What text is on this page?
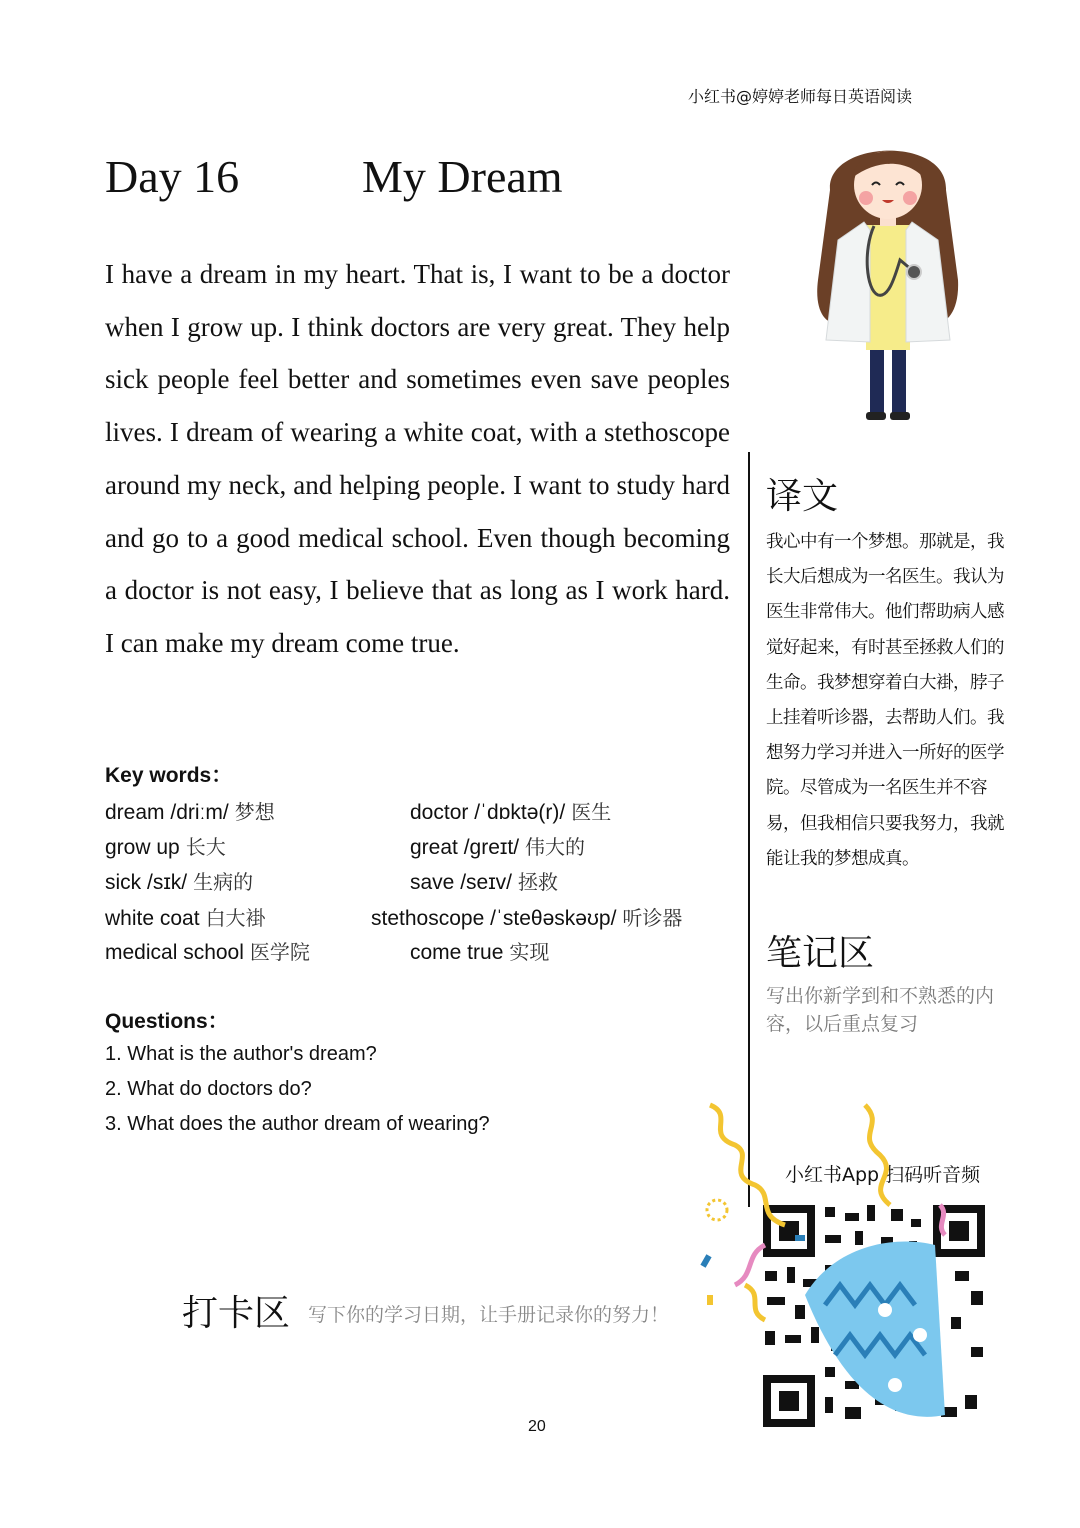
小红书@婷婷老师每日英语阅读
Day 16	My Dream

I have a dream in my heart. That is, I want to be a doctor when I grow up. I think doctors are very great. They help sick people feel better and sometimes even save peoples lives. I dream of wearing a white coat, with a stethoscope around my neck, and helping people. I want to study hard and go to a good medical school. Even though becoming a doctor is not easy, I believe that as long as I work hard. I can make my dream come true.

Key words：
dream /driːm/ 梦想	doctor /ˈdɒktə(r)/ 医生
grow up 长大	great /ɡreɪt/ 伟大的
sick /sɪk/ 生病的	save /seɪv/ 拯救
white coat 白大褂	stethoscope /ˈsteθəskəʊp/ 听诊器
medical school 医学院	come true 实现
Questions：
1. What is the author's dream?
2. What do doctors do?
3. What does the author dream of wearing?
译文

我心中有一个梦想。那就是，我长大后想成为一名医生。我认为医生非常伟大。他们帮助病人感觉好起来，有时甚至拯救人们的生命。我梦想穿着白大褂，脖子上挂着听诊器，去帮助人们。我想努力学习并进入一所好的医学院。尽管成为一名医生并不容易，但我相信只要我努力，我就能让我的梦想成真。

笔记区
写出你新学到和不熟悉的内容，以后重点复习
小红书App 扫码听音频
打卡区 写下你的学习日期，让手册记录你的努力！
20
